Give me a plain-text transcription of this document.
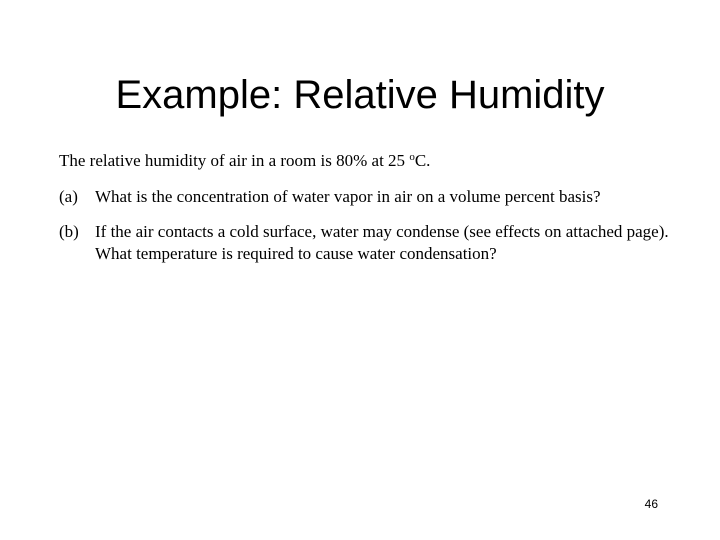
Example: Relative Humidity

The relative humidity of air in a room is 80% at 25 $^o$C.

(a)	What is the concentration of water vapor in air on a volume percent basis?
(b) If the air contacts a cold surface, water may condense (see effects on attached page). What temperature is required to cause water condensation?
46
